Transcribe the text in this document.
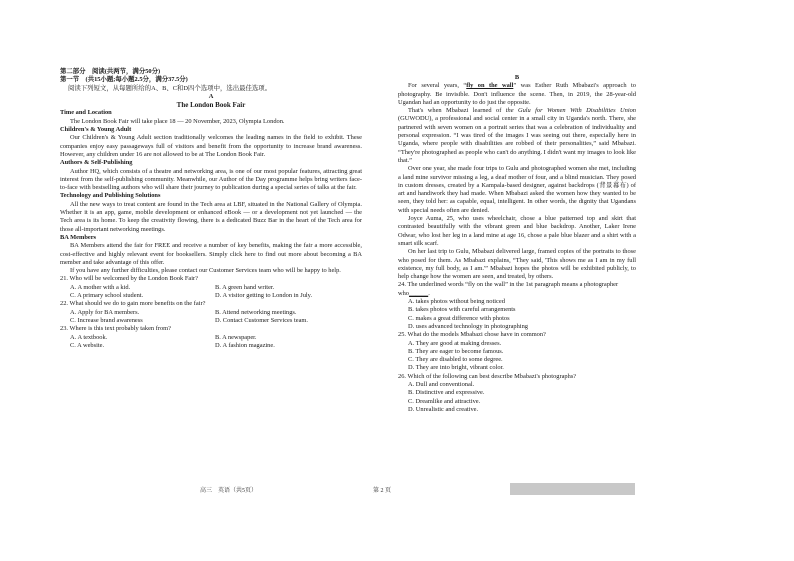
第二部分　阅读(共两节，满分50分)

第一节　(共15小题;每小题2.5分，满分37.5分)

阅读下列短文，从每题所给的A、B、C和D四个选项中，选出最佳选项。

A

The London Book Fair

Time and Location

The London Book Fair will take place 18 — 20 November, 2023, Olympia London.

Children's & Young Adult

Our Children's & Young Adult section traditionally welcomes the leading names in the field to exhibit. These companies enjoy easy passageways full of visitors and benefit from the opportunity to increase brand awareness. However, any children under 16 are not allowed to be at The London Book Fair.

Authors & Self-Publishing

Author HQ, which consists of a theatre and networking area, is one of our most popular features, attracting great interest from the self-publishing community. Meanwhile, our Author of the Day programme helps bring writers face-to-face with bestselling authors who will share their journey to publication during a special series of talks at the fair.

Technology and Publishing Solutions

All the new ways to treat content are found in the Tech area at LBF, situated in the National Gallery of Olympia. Whether it is an app, game, mobile development or enhanced eBook — or a development not yet launched — the Tech area is its home. To keep the creativity flowing, there is a dedicated Buzz Bar in the heart of the Tech area for those all-important networking meetings.

BA Members

BA Members attend the fair for FREE and receive a number of key benefits, making the fair a more accessible, cost-effective and highly relevant event for booksellers. Simply click here to find out more about becoming a BA member and take advantage of this offer.

If you have any further difficulties, please contact our Customer Services team who will be happy to help.

21. Who will be welcomed by the London Book Fair?

A. A mother with a kid.	B. A green hand writer.
C. A primary school student.	D. A visitor getting to London in July.

22. What should we do to gain more benefits on the fair?

A. Apply for BA members.	B. Attend networking meetings.
C. Increase brand awareness	D. Contact Customer Services team.

23. Where is this text probably taken from?

A. A textbook.	B. A newspaper.
C. A website.	D. A fashion magazine.

B

For several years, “fly on the wall” was Esther Ruth Mbabazi's approach to photography. Be invisible. Don't influence the scene. Then, in 2019, the 28-year-old Ugandan had an opportunity to do just the opposite.

That's when Mbabazi learned of the Gulu for Women With Disabilities Union (GUWODU), a professional and social center in a small city in Uganda's north. There, she partnered with seven women on a portrait series that was a celebration of individuality and personal expression. “I was tired of the images I was seeing out there, especially here in Uganda, where people with disabilities are robbed of their personalities,” said Mbabazi. “They're photographed as people who can't do anything. I didn't want my images to look like that.”

Over one year, she made four trips to Gulu and photographed women she met, including a land mine survivor missing a leg, a deaf mother of four, and a blind musician. They posed in custom dresses, created by a Kampala-based designer, against backdrops (背景幕布) of art and handiwork they had made. When Mbabazi asked the women how they wanted to be seen, they told her: as capable, equal, intelligent. In other words, the dignity that Ugandans with special needs often are denied.

Joyce Auma, 25, who uses wheelchair, chose a blue patterned top and skirt that contrasted beautifully with the vibrant green and blue backdrop. Another, Laker Irene Odwar, who lost her leg in a land mine at age 16, chose a pale blue blazer and a shirt with a smart silk scarf.

On her last trip to Gulu, Mbabazi delivered large, framed copies of the portraits to those who posed for them. As Mbabazi explains, “They said, 'This shows me as I am in my full existence, my full body, as I am.'” Mbabazi hopes the photos will be exhibited publicly, to help change how the women are seen, and treated, by others.

24. The underlined words “fly on the wall” in the 1st paragraph means a photographer who______.

A. takes photos without being noticed

B. takes photos with careful arrangements

C. makes a great difference with photos

D. uses advanced technology in photographing

25. What do the models Mbabazi chose have in common?

A. They are good at making dresses.

B. They are eager to become famous.

C. They are disabled to some degree.

D. They are into bright, vibrant color.

26. Which of the following can best describe Mbabazi's photographs?

A. Dull and conventional.

B. Distinctive and expressive.

C. Dreamlike and attractive.

D. Unrealistic and creative.

高三　英语（共5页）	第 2 页
